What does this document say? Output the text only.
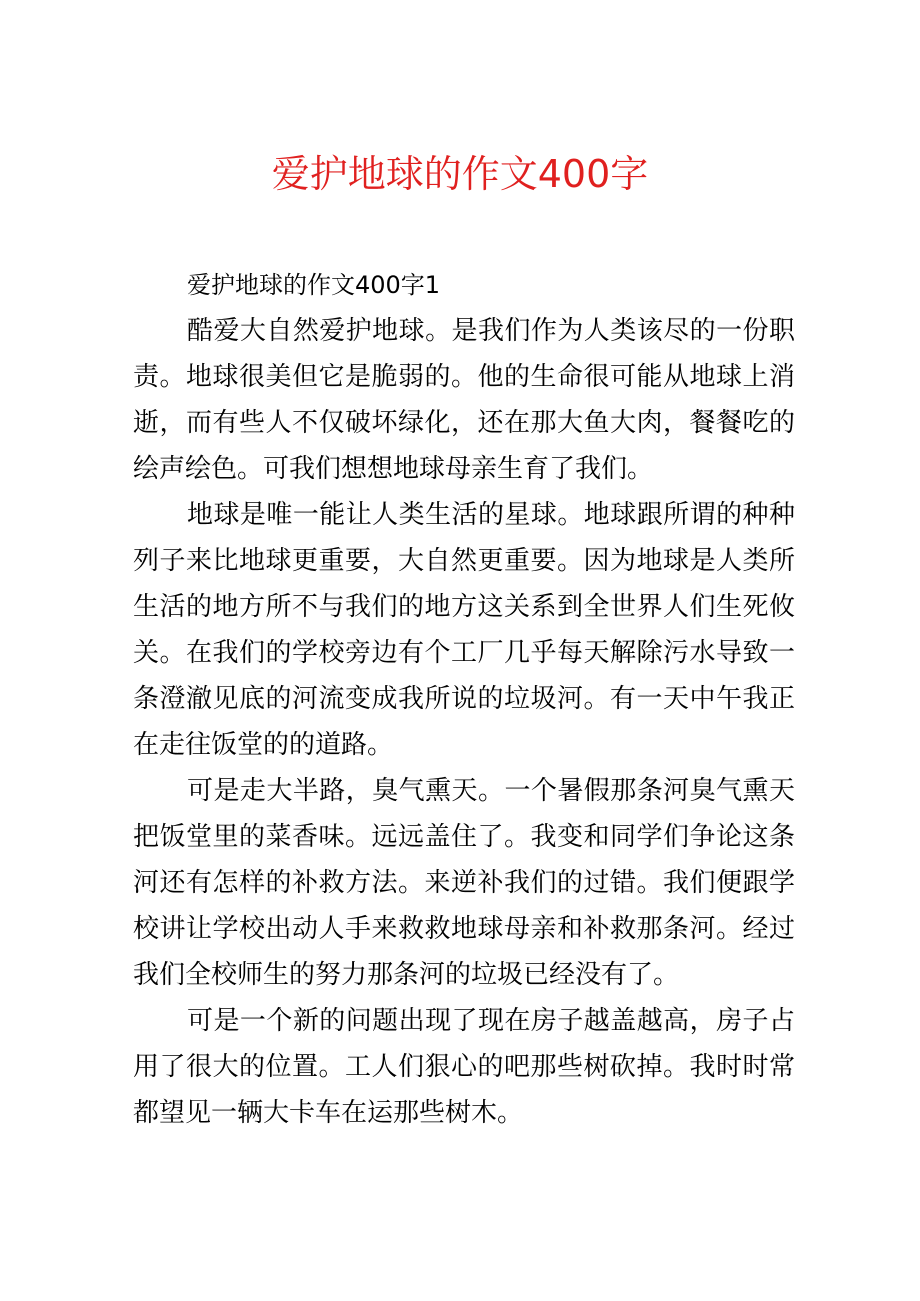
爱护地球的作文400字

爱护地球的作文400字1

酷爱大自然爱护地球。是我们作为人类该尽的一份职责。地球很美但它是脆弱的。他的生命很可能从地球上消逝，而有些人不仅破坏绿化，还在那大鱼大肉，餐餐吃的绘声绘色。可我们想想地球母亲生育了我们。

地球是唯一能让人类生活的星球。地球跟所谓的种种列子来比地球更重要，大自然更重要。因为地球是人类所生活的地方所不与我们的地方这关系到全世界人们生死攸关。在我们的学校旁边有个工厂几乎每天解除污水导致一条澄澈见底的河流变成我所说的垃圾河。有一天中午我正在走往饭堂的的道路。

可是走大半路，臭气熏天。一个暑假那条河臭气熏天把饭堂里的菜香味。远远盖住了。我变和同学们争论这条河还有怎样的补救方法。来逆补我们的过错。我们便跟学校讲让学校出动人手来救救地球母亲和补救那条河。经过我们全校师生的努力那条河的垃圾已经没有了。

可是一个新的问题出现了现在房子越盖越高，房子占用了很大的位置。工人们狠心的吧那些树砍掉。我时时常都望见一辆大卡车在运那些树木。
